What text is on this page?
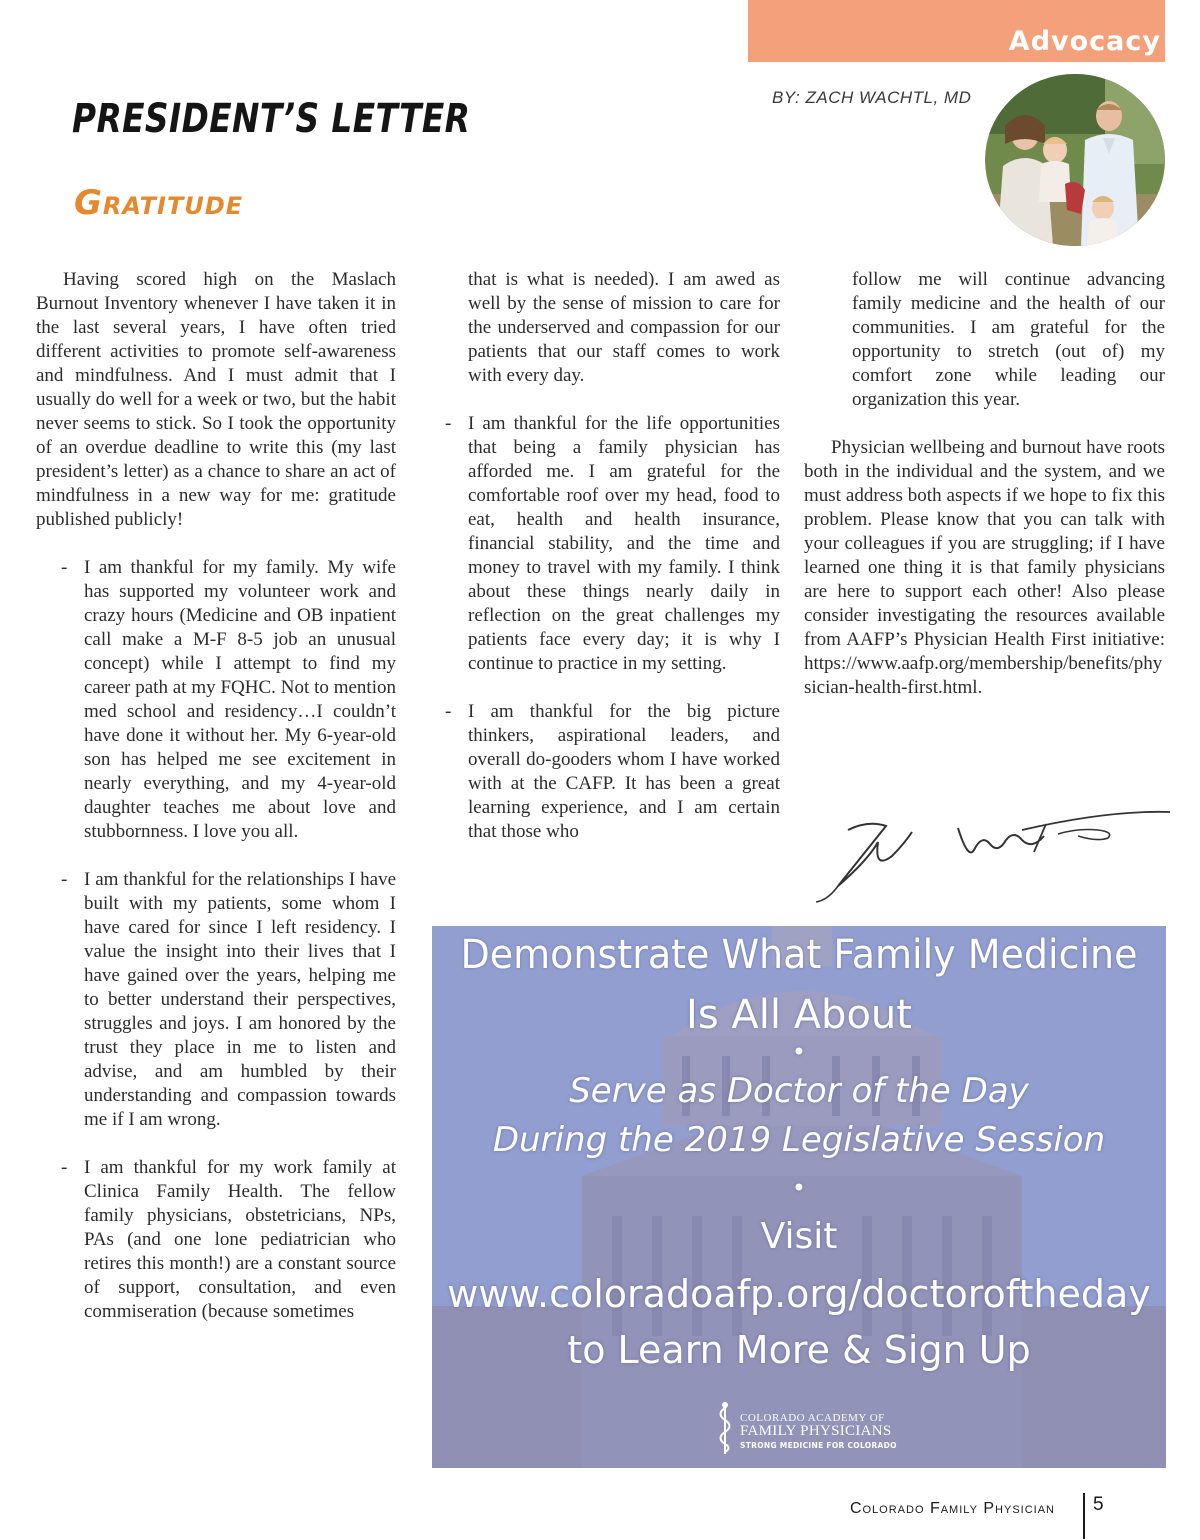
Advocacy
BY: ZACH WACHTL, MD
PRESIDENT’S LETTER
Gratitude

Having scored high on the Maslach Burnout Inventory whenever I have taken it in the last several years, I have often tried different activities to promote self-awareness and mindfulness. And I must admit that I usually do well for a week or two, but the habit never seems to stick. So I took the opportunity of an overdue deadline to write this (my last president’s letter) as a chance to share an act of mindfulness in a new way for me: gratitude published publicly!

- I am thankful for my family. My wife has supported my volunteer work and crazy hours (Medicine and OB inpatient call make a M-F 8-5 job an unusual concept) while I attempt to find my career path at my FQHC. Not to mention med school and residency…I couldn’t have done it without her. My 6-year-old son has helped me see excitement in nearly everything, and my 4-year-old daughter teaches me about love and stubbornness. I love you all.
- I am thankful for the relationships I have built with my patients, some whom I have cared for since I left residency. I value the insight into their lives that I have gained over the years, helping me to better understand their perspectives, struggles and joys. I am honored by the trust they place in me to listen and advise, and am humbled by their understanding and compassion towards me if I am wrong.
- I am thankful for my work family at Clinica Family Health. The fellow family physicians, obstetricians, NPs, PAs (and one lone pediatrician who retires this month!) are a constant source of support, consultation, and even commiseration (because sometimes

that is what is needed). I am awed as well by the sense of mission to care for the underserved and compassion for our patients that our staff comes to work with every day.

- I am thankful for the life opportunities that being a family physician has afforded me. I am grateful for the comfortable roof over my head, food to eat, health and health insurance, financial stability, and the time and money to travel with my family. I think about these things nearly daily in reflection on the great challenges my patients face every day; it is why I continue to practice in my setting.
- I am thankful for the big picture thinkers, aspirational leaders, and overall do-gooders whom I have worked with at the CAFP. It has been a great learning experience, and I am certain that those who

follow me will continue advancing family medicine and the health of our communities. I am grateful for the opportunity to stretch (out of) my comfort zone while leading our organization this year.

Physician wellbeing and burnout have roots both in the individual and the system, and we must address both aspects if we hope to fix this problem. Please know that you can talk with your colleagues if you are struggling; if I have learned one thing it is that family physicians are here to support each other! Also please consider investigating the resources available from AAFP’s Physician Health First initiative: https://www.aafp.org/membership/benefits/physician-health-first.html.

Demonstrate What Family Medicine
Is All About
•
Serve as Doctor of the Day
During the 2019 Legislative Session
•
Visit
www.coloradoafp.org/doctoroftheday
to Learn More & Sign Up
COLORADO ACADEMY OF
FAMILY PHYSICIANS
STRONG MEDICINE FOR COLORADO
Colorado Family Physician 5
